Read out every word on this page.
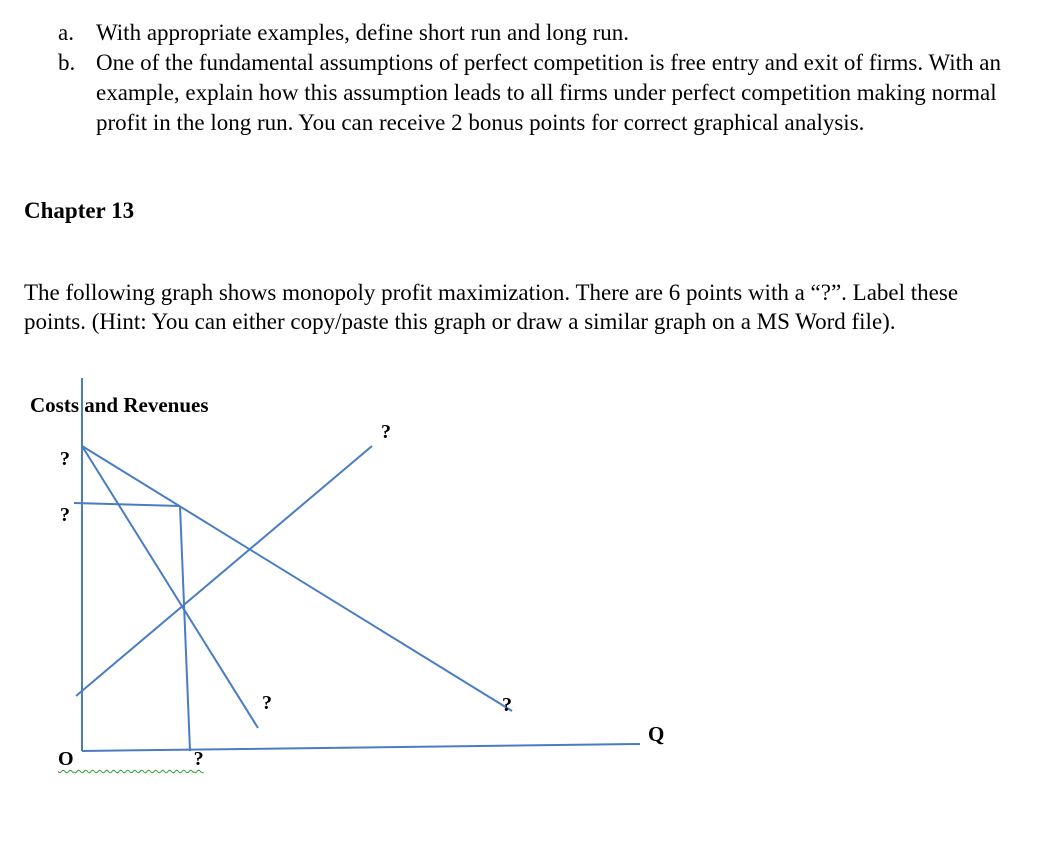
a. With appropriate examples, define short run and long run.
b. One of the fundamental assumptions of perfect competition is free entry and exit of firms. With an example, explain how this assumption leads to all firms under perfect competition making normal profit in the long run. You can receive 2 bonus points for correct graphical analysis.
Chapter 13
The following graph shows monopoly profit maximization. There are 6 points with a “?”. Label these points. (Hint: You can either copy/paste this graph or draw a similar graph on a MS Word file).
Costs and Revenues
?
?
?
?	?
Q
O      	?
